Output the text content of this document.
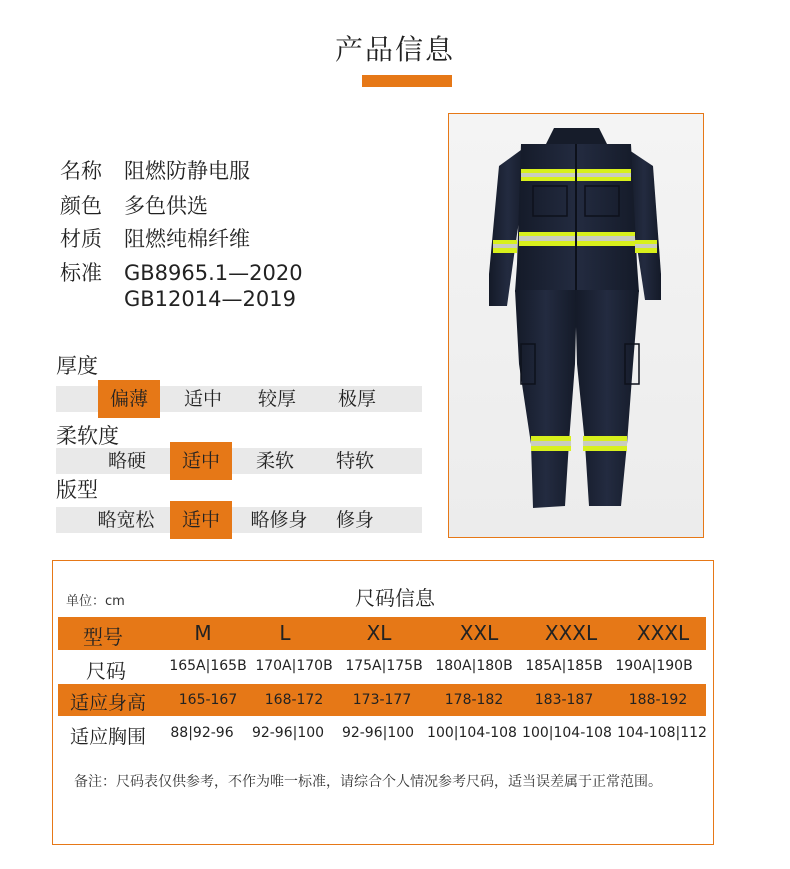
产品信息
名称 阻燃防静电服
颜色 多色供选
材质 阻燃纯棉纤维
标准 GB8965.1—2020
GB12014—2019
厚度
偏薄	适中	较厚	极厚
柔软度
略硬	适中	柔软	特软
版型
略宽松	适中	略修身	修身
单位：cm	尺码信息
型号	M	L	XL	XXL	XXXL	XXXL
尺码	165A|165B 170A|170B 175A|175B 180A|180B 185A|185B 190A|190B
适应身高	165-167	168-172	173-177	178-182	183-187	188-192
适应胸围	88|92-96	92-96|100	92-96|100 100|104-108 100|104-108 104-108|112
备注：尺码表仅供参考，不作为唯一标准，请综合个人情况参考尺码，适当误差属于正常范围。
